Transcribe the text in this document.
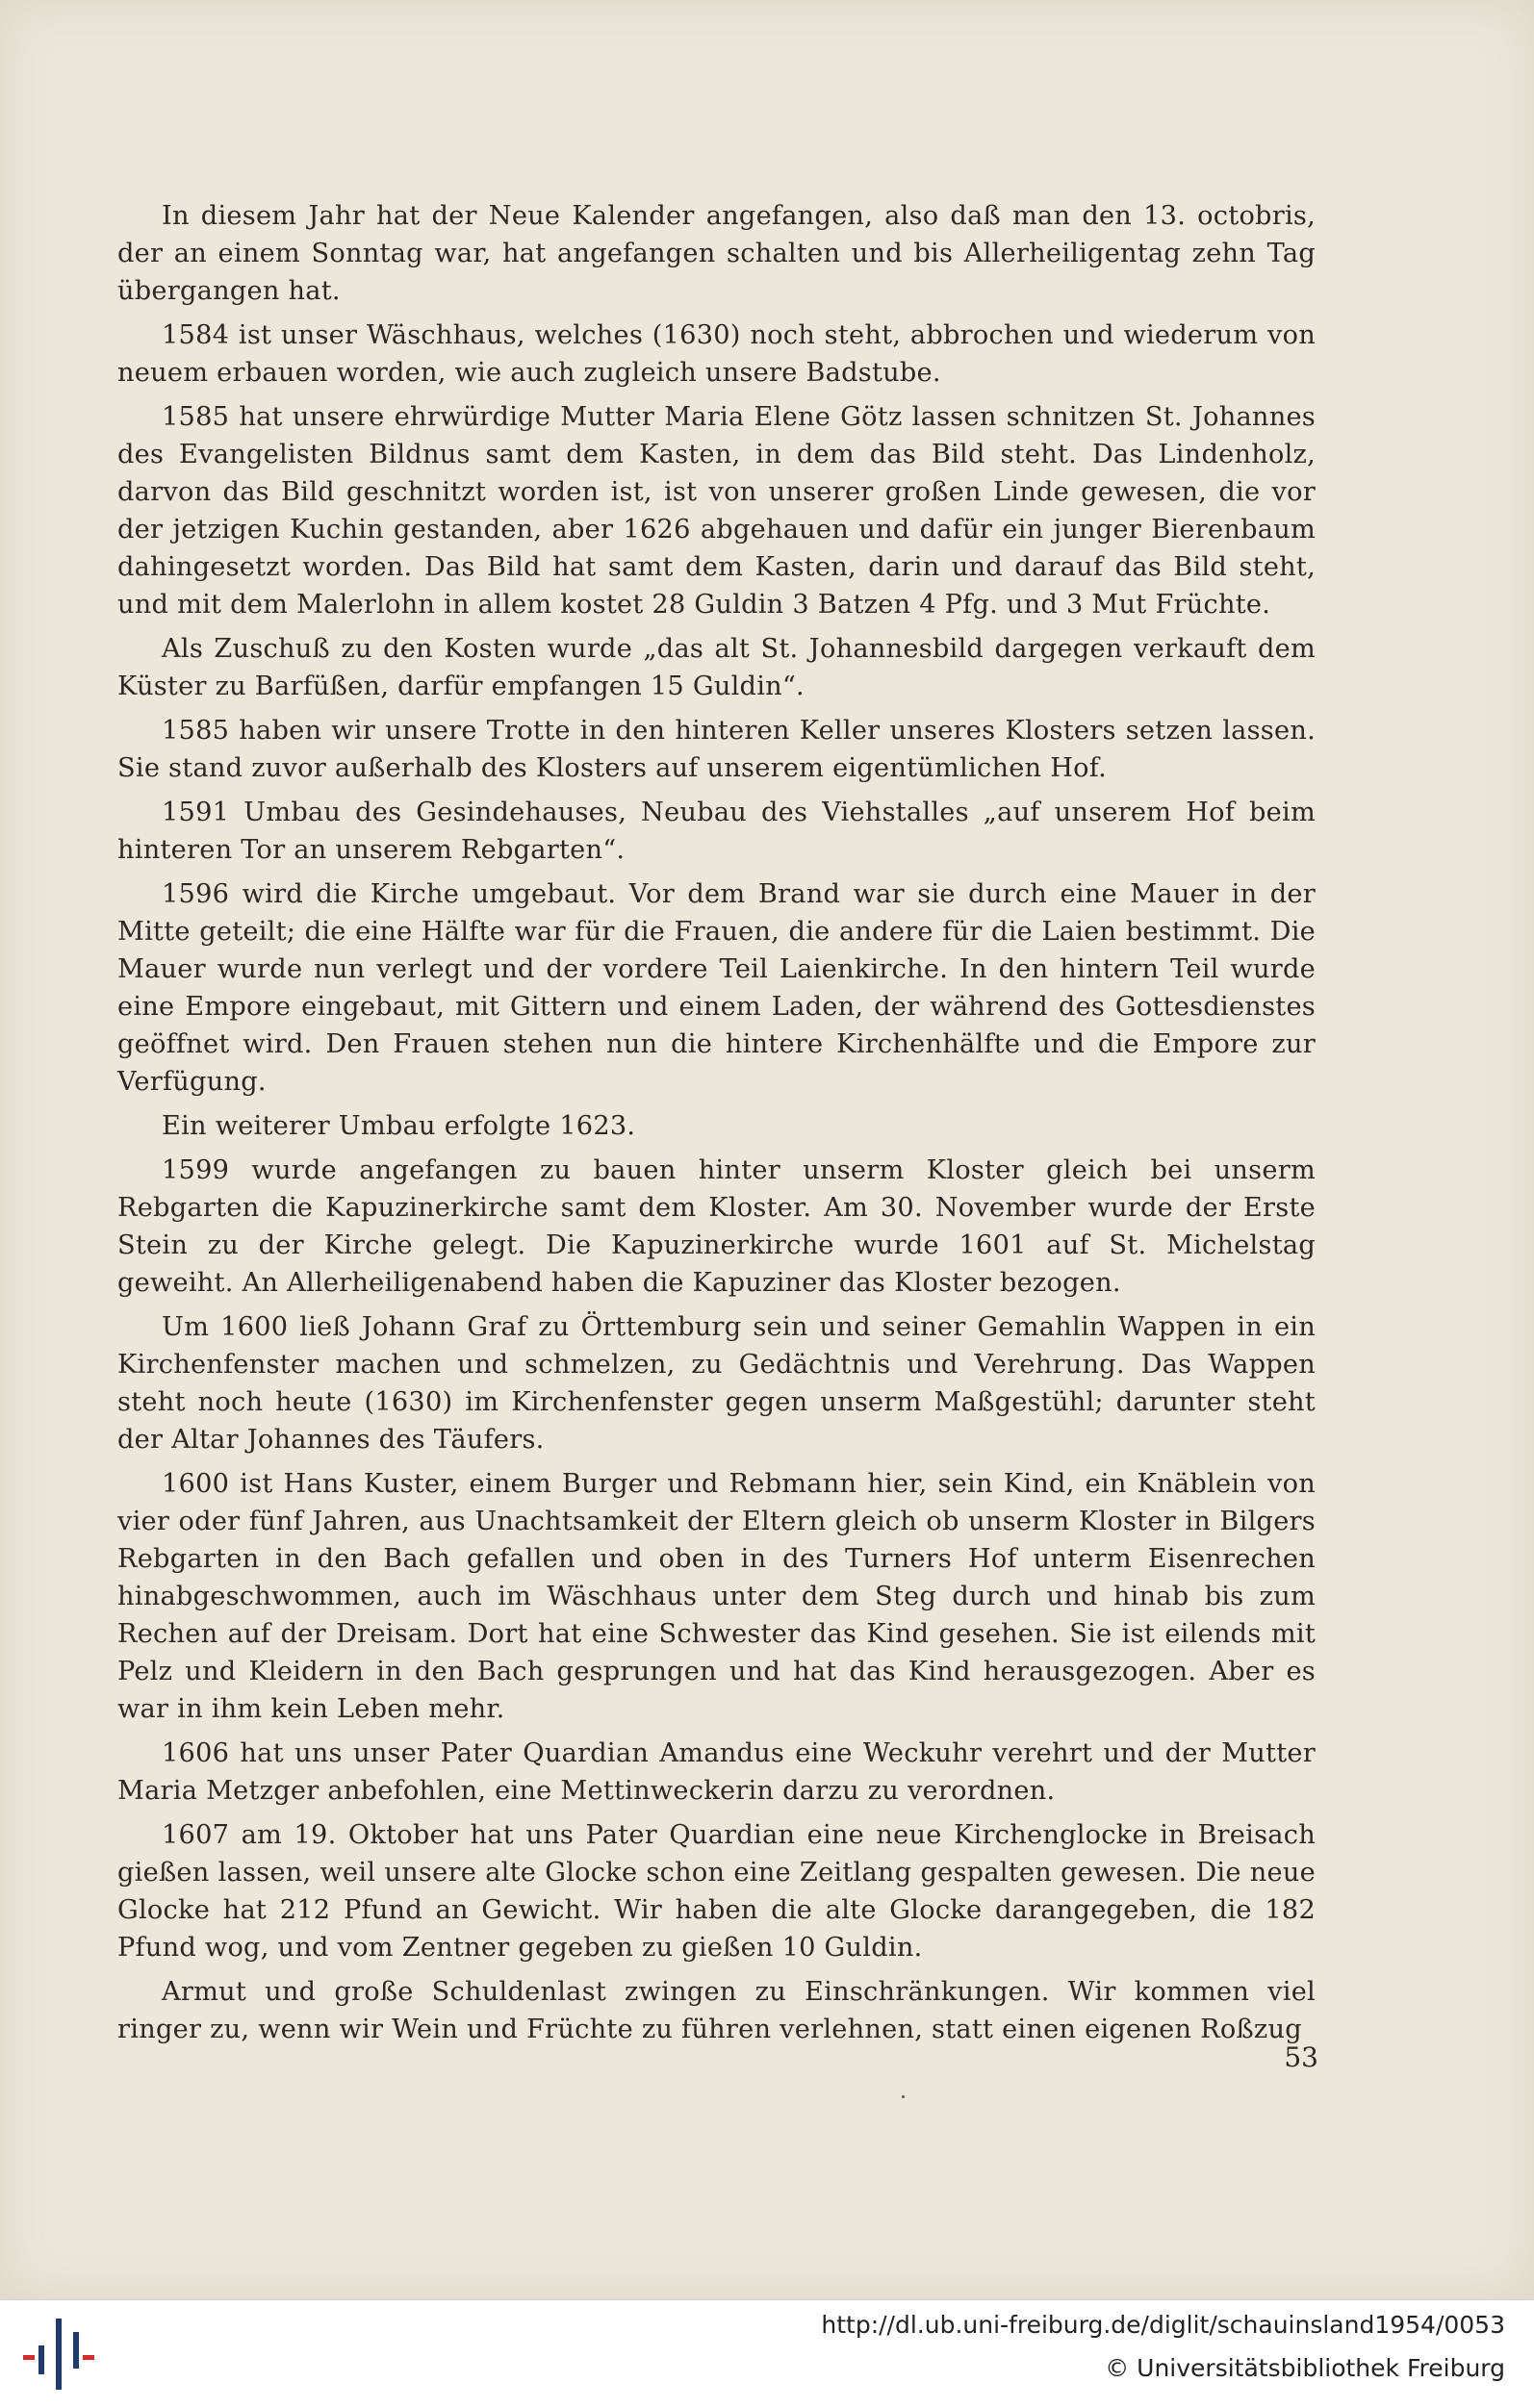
In diesem Jahr hat der Neue Kalender angefangen, also daß man den 13. octobris, der an einem Sonntag war, hat angefangen schalten und bis Allerheiligentag zehn Tag übergangen hat.

1584 ist unser Wäschhaus, welches (1630) noch steht, abbrochen und wiederum von neuem erbauen worden, wie auch zugleich unsere Badstube.

1585 hat unsere ehrwürdige Mutter Maria Elene Götz lassen schnitzen St. Johannes des Evangelisten Bildnus samt dem Kasten, in dem das Bild steht. Das Lindenholz, darvon das Bild geschnitzt worden ist, ist von unserer großen Linde gewesen, die vor der jetzigen Kuchin gestanden, aber 1626 abgehauen und dafür ein junger Bierenbaum dahingesetzt worden. Das Bild hat samt dem Kasten, darin und darauf das Bild steht, und mit dem Malerlohn in allem kostet 28 Guldin 3 Batzen 4 Pfg. und 3 Mut Früchte.

Als Zuschuß zu den Kosten wurde „das alt St. Johannesbild dargegen verkauft dem Küster zu Barfüßen, darfür empfangen 15 Guldin“.

1585 haben wir unsere Trotte in den hinteren Keller unseres Klosters setzen lassen. Sie stand zuvor außerhalb des Klosters auf unserem eigentümlichen Hof.

1591 Umbau des Gesindehauses, Neubau des Viehstalles „auf unserem Hof beim hinteren Tor an unserem Rebgarten“.

1596 wird die Kirche umgebaut. Vor dem Brand war sie durch eine Mauer in der Mitte geteilt; die eine Hälfte war für die Frauen, die andere für die Laien bestimmt. Die Mauer wurde nun verlegt und der vordere Teil Laienkirche. In den hintern Teil wurde eine Empore eingebaut, mit Gittern und einem Laden, der während des Gottesdienstes geöffnet wird. Den Frauen stehen nun die hintere Kirchenhälfte und die Empore zur Verfügung.

Ein weiterer Umbau erfolgte 1623.

1599 wurde angefangen zu bauen hinter unserm Kloster gleich bei unserm Rebgarten die Kapuzinerkirche samt dem Kloster. Am 30. November wurde der Erste Stein zu der Kirche gelegt. Die Kapuzinerkirche wurde 1601 auf St. Michelstag geweiht. An Allerheiligenabend haben die Kapuziner das Kloster bezogen.

Um 1600 ließ Johann Graf zu Örttemburg sein und seiner Gemahlin Wappen in ein Kirchenfenster machen und schmelzen, zu Gedächtnis und Verehrung. Das Wappen steht noch heute (1630) im Kirchenfenster gegen unserm Maßgestühl; darunter steht der Altar Johannes des Täufers.

1600 ist Hans Kuster, einem Burger und Rebmann hier, sein Kind, ein Knäblein von vier oder fünf Jahren, aus Unachtsamkeit der Eltern gleich ob unserm Kloster in Bilgers Rebgarten in den Bach gefallen und oben in des Turners Hof unterm Eisenrechen hinabgeschwommen, auch im Wäschhaus unter dem Steg durch und hinab bis zum Rechen auf der Dreisam. Dort hat eine Schwester das Kind gesehen. Sie ist eilends mit Pelz und Kleidern in den Bach gesprungen und hat das Kind herausgezogen. Aber es war in ihm kein Leben mehr.

1606 hat uns unser Pater Quardian Amandus eine Weckuhr verehrt und der Mutter Maria Metzger anbefohlen, eine Mettinweckerin darzu zu verordnen.

1607 am 19. Oktober hat uns Pater Quardian eine neue Kirchenglocke in Breisach gießen lassen, weil unsere alte Glocke schon eine Zeitlang gespalten gewesen. Die neue Glocke hat 212 Pfund an Gewicht. Wir haben die alte Glocke darangegeben, die 182 Pfund wog, und vom Zentner gegeben zu gießen 10 Guldin.

Armut und große Schuldenlast zwingen zu Einschränkungen. Wir kommen viel ringer zu, wenn wir Wein und Früchte zu führen verlehnen, statt einen eigenen Roßzug

53
http://dl.ub.uni-freiburg.de/diglit/schauinsland1954/0053
© Universitätsbibliothek Freiburg
